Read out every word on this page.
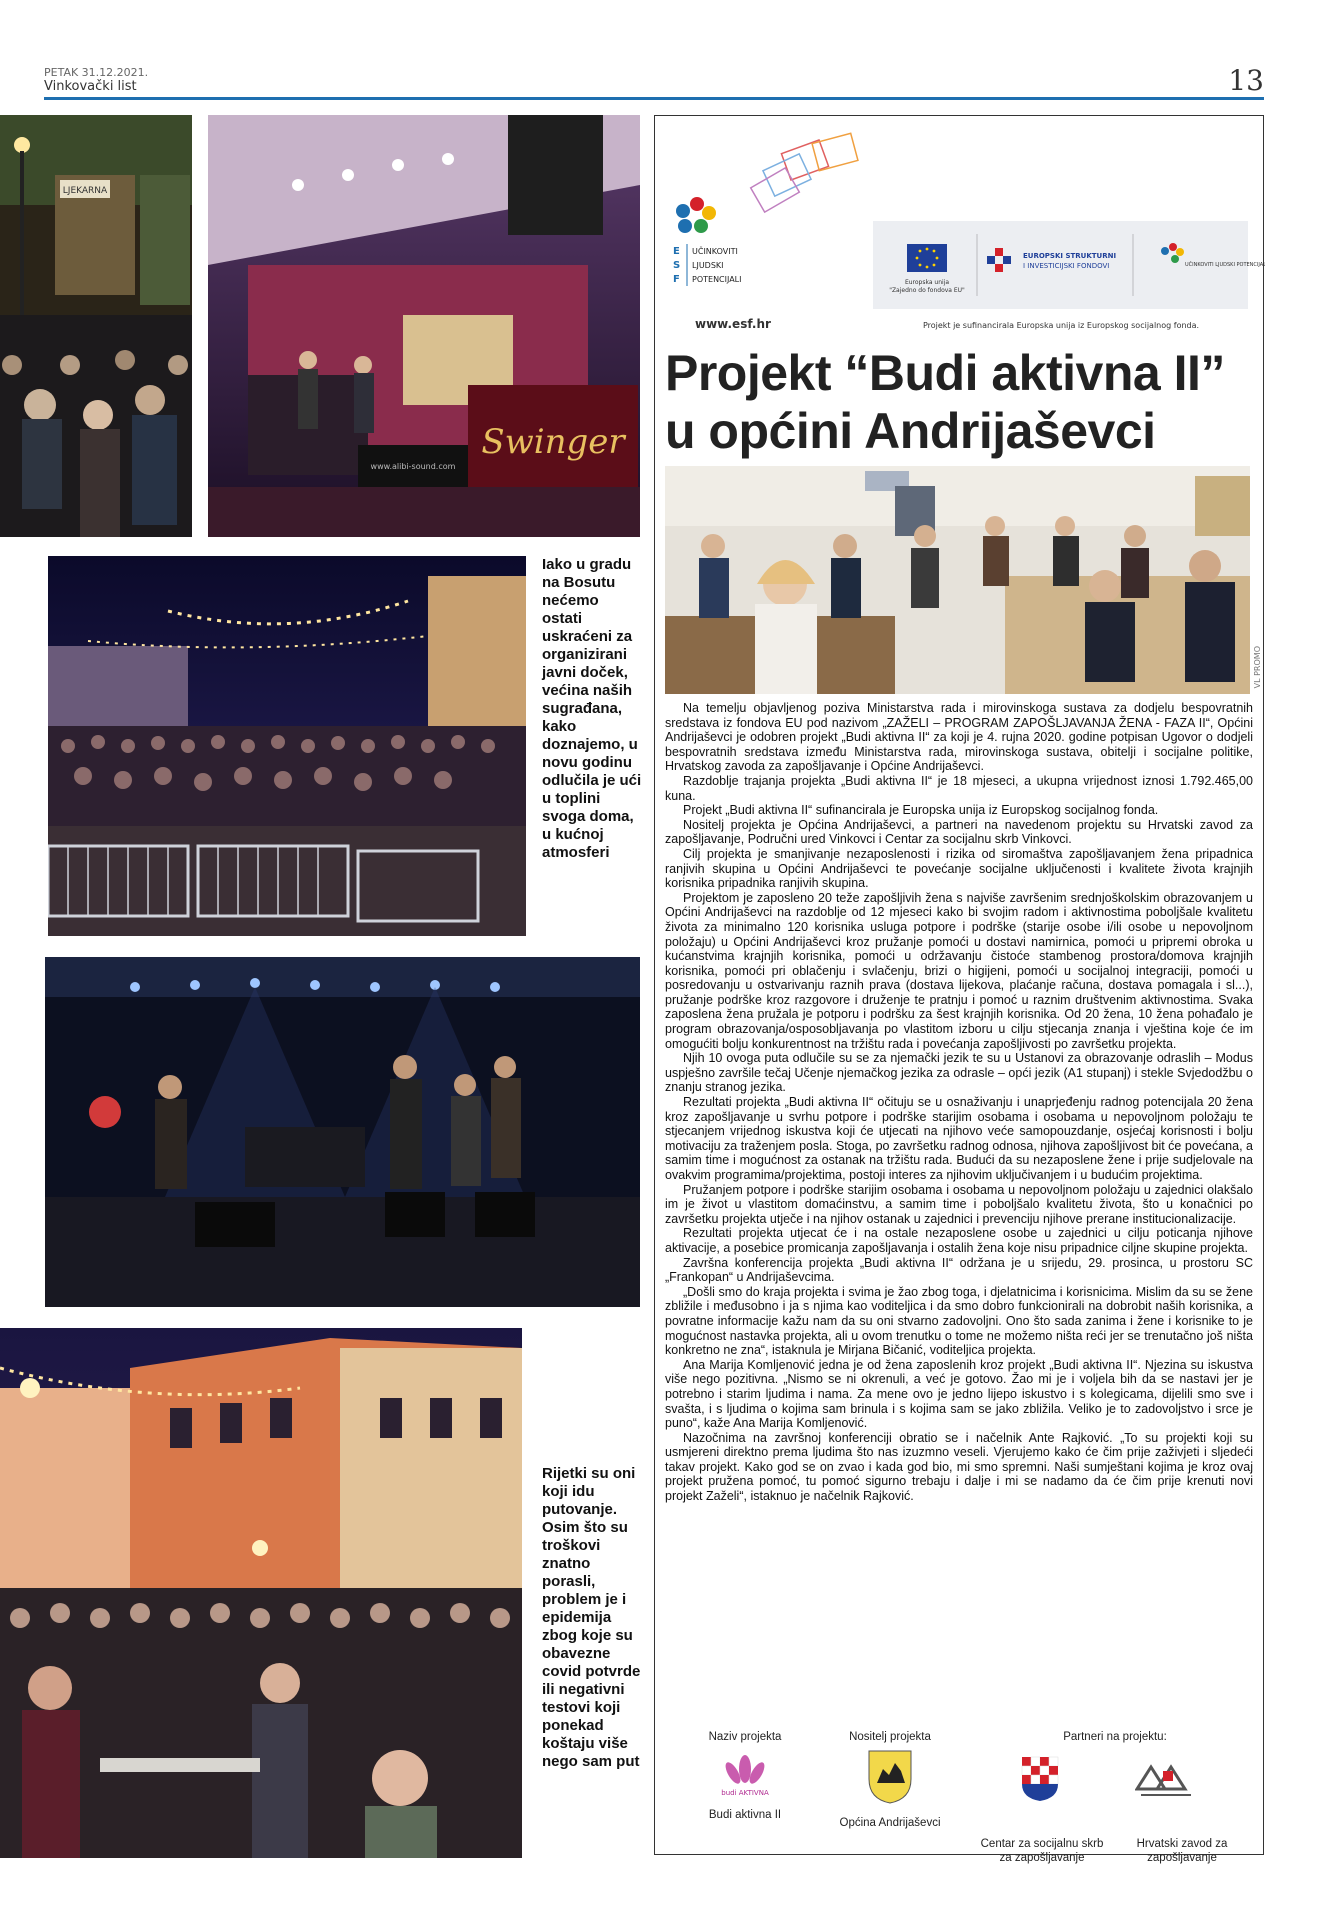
PETAK 31.12.2021.
Vinkovački list	13
LJEKARNA
Swinger
www.alibi-sound.com
Iako u gradu na Bosutu nećemo ostati uskraćeni za organizirani javni doček, većina naših sugrađana, kako doznajemo, u novu godinu odlučila je ući u toplini svoga doma, u kućnoj atmosferi
Rijetki su oni koji idu putovanje. Osim što su troškovi znatno porasli, problem je i epidemija zbog koje su obavezne covid potvrde ili negativni testovi koji ponekad koštaju više nego sam put
E
S
F
UČINKOVITI
LJUDSKI
POTENCIJALI
www.esf.hr
Europska unija
"Zajedno do fondova EU"
EUROPSKI STRUKTURNI
I INVESTICIJSKI FONDOVI	UČINKOVITI LJUDSKI POTENCIJALI
Projekt je sufinancirala Europska unija iz Europskog socijalnog fonda.
Projekt “Budi aktivna II”
u općini Andrijaševci
VL PROMO

Na temelju objavljenog poziva Ministarstva rada i mirovinskoga sustava za dodjelu bespovratnih sredstava iz fondova EU pod nazivom „ZAŽELI – PROGRAM ZAPOŠLJAVANJA ŽENA - FAZA II“, Općini Andrijaševci je odobren projekt „Budi aktivna II“ za koji je 4. rujna 2020. godine potpisan Ugovor o dodjeli bespovratnih sredstava između Ministarstva rada, mirovinskoga sustava, obitelji i socijalne politike, Hrvatskog zavoda za zapošljavanje i Općine Andrijaševci.

Razdoblje trajanja projekta „Budi aktivna II“ je 18 mjeseci, a ukupna vrijednost iznosi 1.792.465,00 kuna.

Projekt „Budi aktivna II“ sufinancirala je Europska unija iz Europskog socijalnog fonda.

Nositelj projekta je Općina Andrijaševci, a partneri na navedenom projektu su Hrvatski zavod za zapošljavanje, Područni ured Vinkovci i Centar za socijalnu skrb Vinkovci.

Cilj projekta je smanjivanje nezaposlenosti i rizika od siromaštva zapošljavanjem žena pripadnica ranjivih skupina u Općini Andrijaševci te povećanje socijalne uključenosti i kvalitete života krajnjih korisnika pripadnika ranjivih skupina.

Projektom je zaposleno 20 teže zapošljivih žena s najviše završenim srednjoškolskim obrazovanjem u Općini Andrijaševci na razdoblje od 12 mjeseci kako bi svojim radom i aktivnostima poboljšale kvalitetu života za minimalno 120 korisnika usluga potpore i podrške (starije osobe i/ili osobe u nepovoljnom položaju) u Općini Andrijaševci kroz pružanje pomoći u dostavi namirnica, pomoći u pripremi obroka u kućanstvima krajnjih korisnika, pomoći u održavanju čistoće stambenog prostora/domova krajnjih korisnika, pomoći pri oblačenju i svlačenju, brizi o higijeni, pomoći u socijalnoj integraciji, pomoći u posredovanju u ostvarivanju raznih prava (dostava lijekova, plaćanje računa, dostava pomagala i sl...), pružanje podrške kroz razgovore i druženje te pratnju i pomoć u raznim društvenim aktivnostima. Svaka zaposlena žena pružala je potporu i podršku za šest krajnjih korisnika. Od 20 žena, 10 žena pohađalo je program obrazovanja/osposobljavanja po vlastitom izboru u cilju stjecanja znanja i vještina koje će im omogućiti bolju konkurentnost na tržištu rada i povećanja zapošljivosti po završetku projekta.

Njih 10 ovoga puta odlučile su se za njemački jezik te su u Ustanovi za obrazovanje odraslih – Modus uspješno završile tečaj Učenje njemačkog jezika za odrasle – opći jezik (A1 stupanj) i stekle Svjedodžbu o znanju stranog jezika.

Rezultati projekta „Budi aktivna II“ očituju se u osnaživanju i unaprjeđenju radnog potencijala 20 žena kroz zapošljavanje u svrhu potpore i podrške starijim osobama i osobama u nepovoljnom položaju te stjecanjem vrijednog iskustva koji će utjecati na njihovo veće samopouzdanje, osjećaj korisnosti i bolju motivaciju za traženjem posla. Stoga, po završetku radnog odnosa, njihova zapošljivost bit će povećana, a samim time i mogućnost za ostanak na tržištu rada. Budući da su nezaposlene žene i prije sudjelovale na ovakvim programima/projektima, postoji interes za njihovim uključivanjem i u budućim projektima.

Pružanjem potpore i podrške starijim osobama i osobama u nepovoljnom položaju u zajednici olakšalo im je život u vlastitom domaćinstvu, a samim time i poboljšalo kvalitetu života, što u konačnici po završetku projekta utječe i na njihov ostanak u zajednici i prevenciju njihove prerane institucionalizacije.

Rezultati projekta utjecat će i na ostale nezaposlene osobe u zajednici u cilju poticanja njihove aktivacije, a posebice promicanja zapošljavanja i ostalih žena koje nisu pripadnice ciljne skupine projekta.

Završna konferencija projekta „Budi aktivna II“ održana je u srijedu, 29. prosinca, u prostoru SC „Frankopan“ u Andrijaševcima.

„Došli smo do kraja projekta i svima je žao zbog toga, i djelatnicima i korisnicima. Mislim da su se žene zbližile i međusobno i ja s njima kao voditeljica i da smo dobro funkcionirali na dobrobit naših korisnika, a povratne informacije kažu nam da su oni stvarno zadovoljni. Ono što sada zanima i žene i korisnike to je mogućnost nastavka projekta, ali u ovom trenutku o tome ne možemo ništa reći jer se trenutačno još ništa konkretno ne zna“, istaknula je Mirjana Bičanić, voditeljica projekta.

Ana Marija Komljenović jedna je od žena zaposlenih kroz projekt „Budi aktivna II“. Njezina su iskustva više nego pozitivna. „Nismo se ni okrenuli, a već je gotovo. Žao mi je i voljela bih da se nastavi jer je potrebno i starim ljudima i nama. Za mene ovo je jedno lijepo iskustvo i s kolegicama, dijelili smo sve i svašta, i s ljudima o kojima sam brinula i s kojima sam se jako zbližila. Veliko je to zadovoljstvo i srce je puno“, kaže Ana Marija Komljenović.

Nazočnima na završnoj konferenciji obratio se i načelnik Ante Rajković. „To su projekti koji su usmjereni direktno prema ljudima što nas izuzmno veseli. Vjerujemo kako će čim prije zaživjeti i sljedeći takav projekt. Kako god se on zvao i kada god bio, mi smo spremni. Naši sumještani kojima je kroz ovaj projekt pružena pomoć, tu pomoć sigurno trebaju i dalje i mi se nadamo da će čim prije krenuti novi projekt Zaželi“, istaknuo je načelnik Rajković.

Naziv projekta
budi AKTIVNA
Budi aktivna II
Nositelj projekta
Općina Andrijaševci
Partneri na projektu:
Centar za socijalnu skrb za zapošljavanje
Hrvatski zavod za zapošljavanje
